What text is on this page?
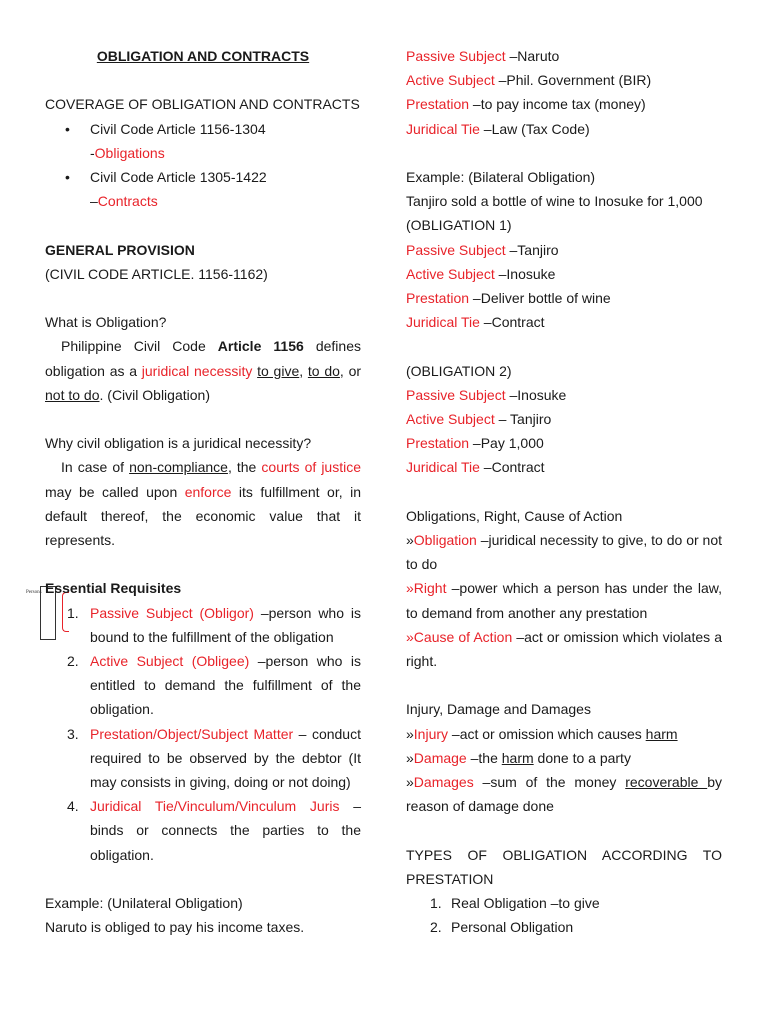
Persons

OBLIGATION AND CONTRACTS

COVERAGE OF OBLIGATION AND CONTRACTS

• Civil Code Article 1156-1304

-Obligations

• Civil Code Article 1305-1422

–Contracts

GENERAL PROVISION

(CIVIL CODE ARTICLE. 1156-1162)

What is Obligation?

Philippine Civil Code Article 1156 defines obligation as a juridical necessity to give, to do, or not to do. (Civil Obligation)

Why civil obligation is a juridical necessity?

In case of non-compliance, the courts of justice may be called upon enforce its fulfillment or, in default thereof, the economic value that it represents.

Essential Requisites

1. Passive Subject (Obligor) –person who is bound to the fulfillment of the obligation
2. Active Subject (Obligee) –person who is entitled to demand the fulfillment of the obligation.
3. Prestation/Object/Subject Matter – conduct required to be observed by the debtor (It may consists in giving, doing or not doing)
4. Juridical Tie/Vinculum/Vinculum Juris – binds or connects the parties to the obligation.

Example: (Unilateral Obligation)

Naruto is obliged to pay his income taxes.

Passive Subject –Naruto

Active Subject –Phil. Government (BIR)

Prestation –to pay income tax (money)

Juridical Tie –Law (Tax Code)

Example: (Bilateral Obligation)

Tanjiro sold a bottle of wine to Inosuke for 1,000

(OBLIGATION 1)

Passive Subject –Tanjiro

Active Subject –Inosuke

Prestation –Deliver bottle of wine

Juridical Tie –Contract

(OBLIGATION 2)

Passive Subject –Inosuke

Active Subject – Tanjiro

Prestation –Pay 1,000

Juridical Tie –Contract

Obligations, Right, Cause of Action

»Obligation –juridical necessity to give, to do or not to do

»Right –power which a person has under the law, to demand from another any prestation

»Cause of Action –act or omission which violates a right.

Injury, Damage and Damages

»Injury –act or omission which causes harm

»Damage –the harm done to a party

»Damages –sum of the money recoverable by reason of damage done

TYPES OF OBLIGATION ACCORDING TO PRESTATION

1. Real Obligation –to give
2. Personal Obligation
